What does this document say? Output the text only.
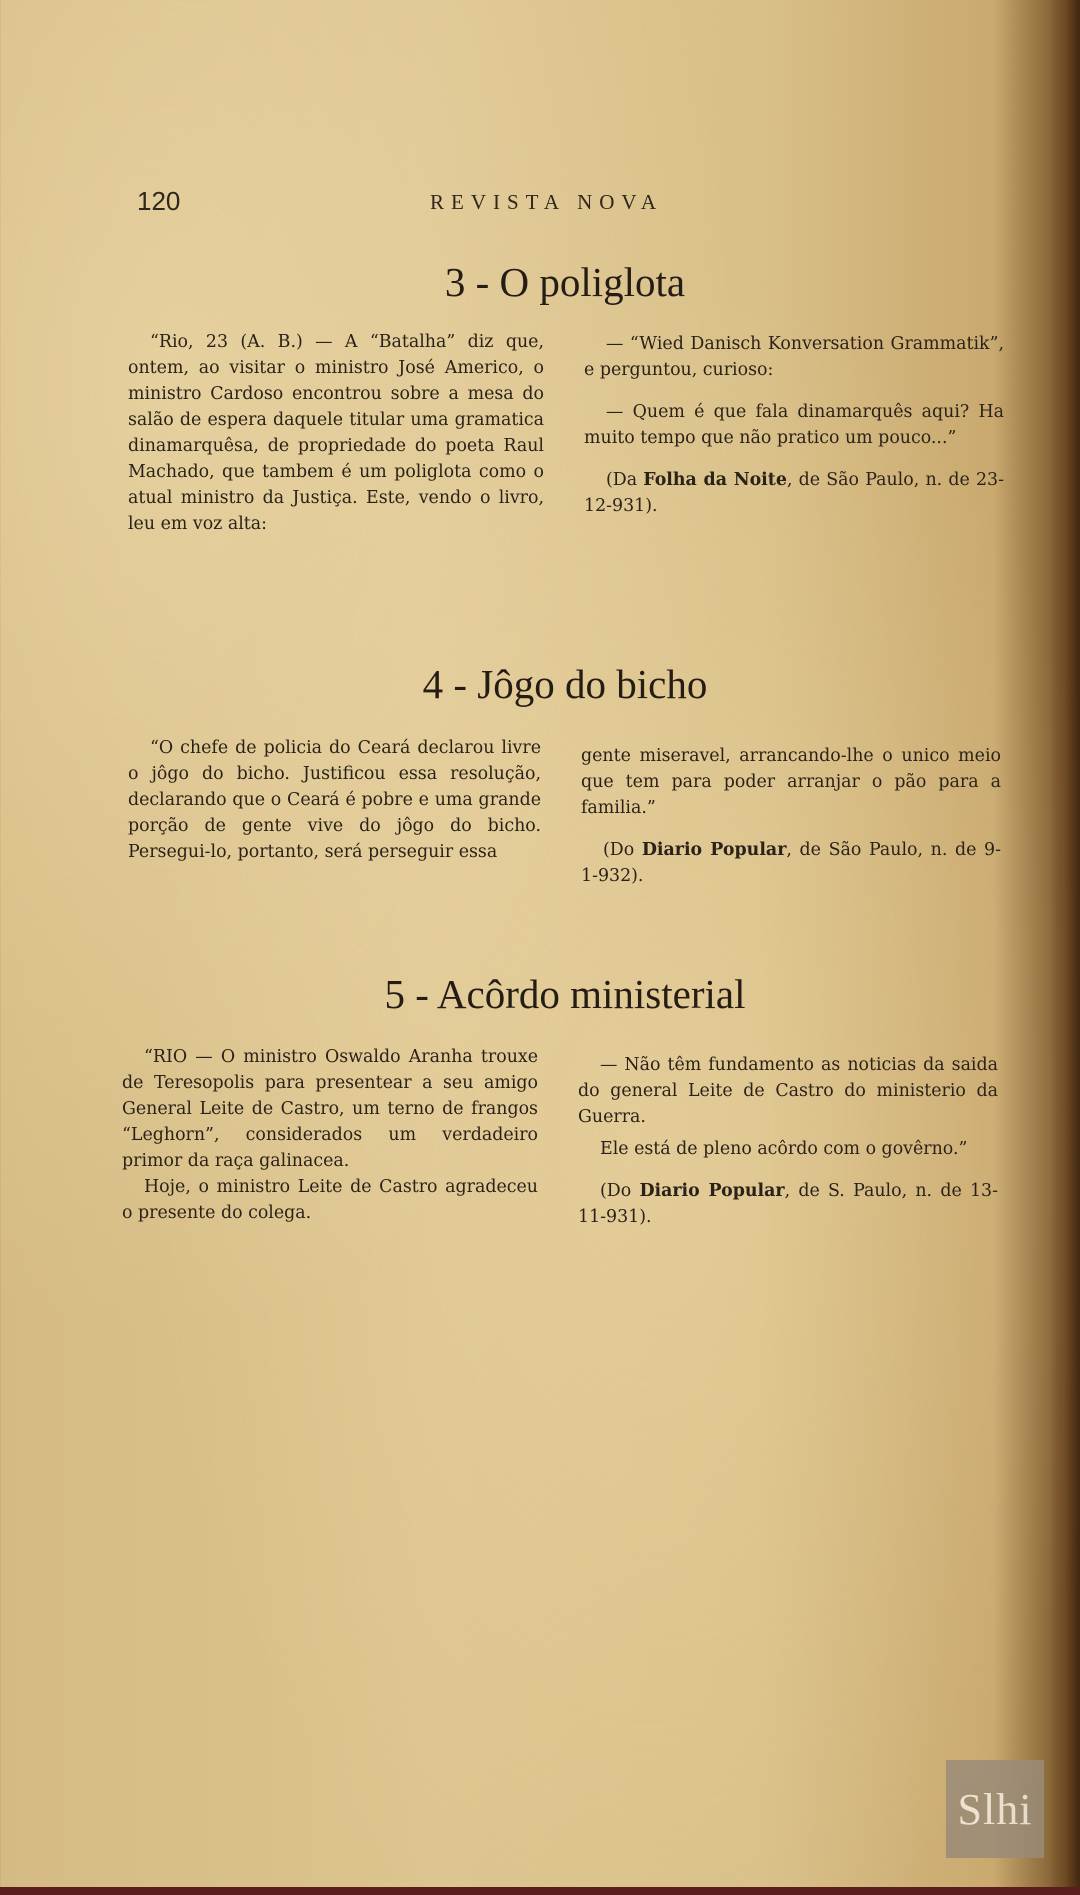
120	REVISTA NOVA
3 - O poliglota

“Rio, 23 (A. B.) — A “Batalha” diz que, ontem, ao visitar o ministro José Americo, o ministro Cardoso encontrou sobre a mesa do salão de espera daquele titular uma gramatica dinamarquêsa, de propriedade do poeta Raul Machado, que tambem é um poliglota como o atual ministro da Justiça. Este, vendo o livro, leu em voz alta:

— “Wied Danisch Konversation Grammatik”, e perguntou, curioso:

— Quem é que fala dinamarquês aqui? Ha muito tempo que não pratico um pouco...”

(Da Folha da Noite, de São Paulo, n. de 23-12-931).

4 - Jôgo do bicho

“O chefe de policia do Ceará declarou livre o jôgo do bicho. Justificou essa resolução, declarando que o Ceará é pobre e uma grande porção de gente vive do jôgo do bicho. Persegui-lo, portanto, será perseguir essa

gente miseravel, arrancando-lhe o unico meio que tem para poder arranjar o pão para a familia.”

(Do Diario Popular, de São Paulo, n. de 9-1-932).

5 - Acôrdo ministerial

“RIO — O ministro Oswaldo Aranha trouxe de Teresopolis para presentear a seu amigo General Leite de Castro, um terno de frangos “Leghorn”, considerados um verdadeiro primor da raça galinacea.

Hoje, o ministro Leite de Castro agradeceu o presente do colega.

— Não têm fundamento as noticias da saida do general Leite de Castro do ministerio da Guerra.

Ele está de pleno acôrdo com o govêrno.”

(Do Diario Popular, de S. Paulo, n. de 13-11-931).

Slhi
